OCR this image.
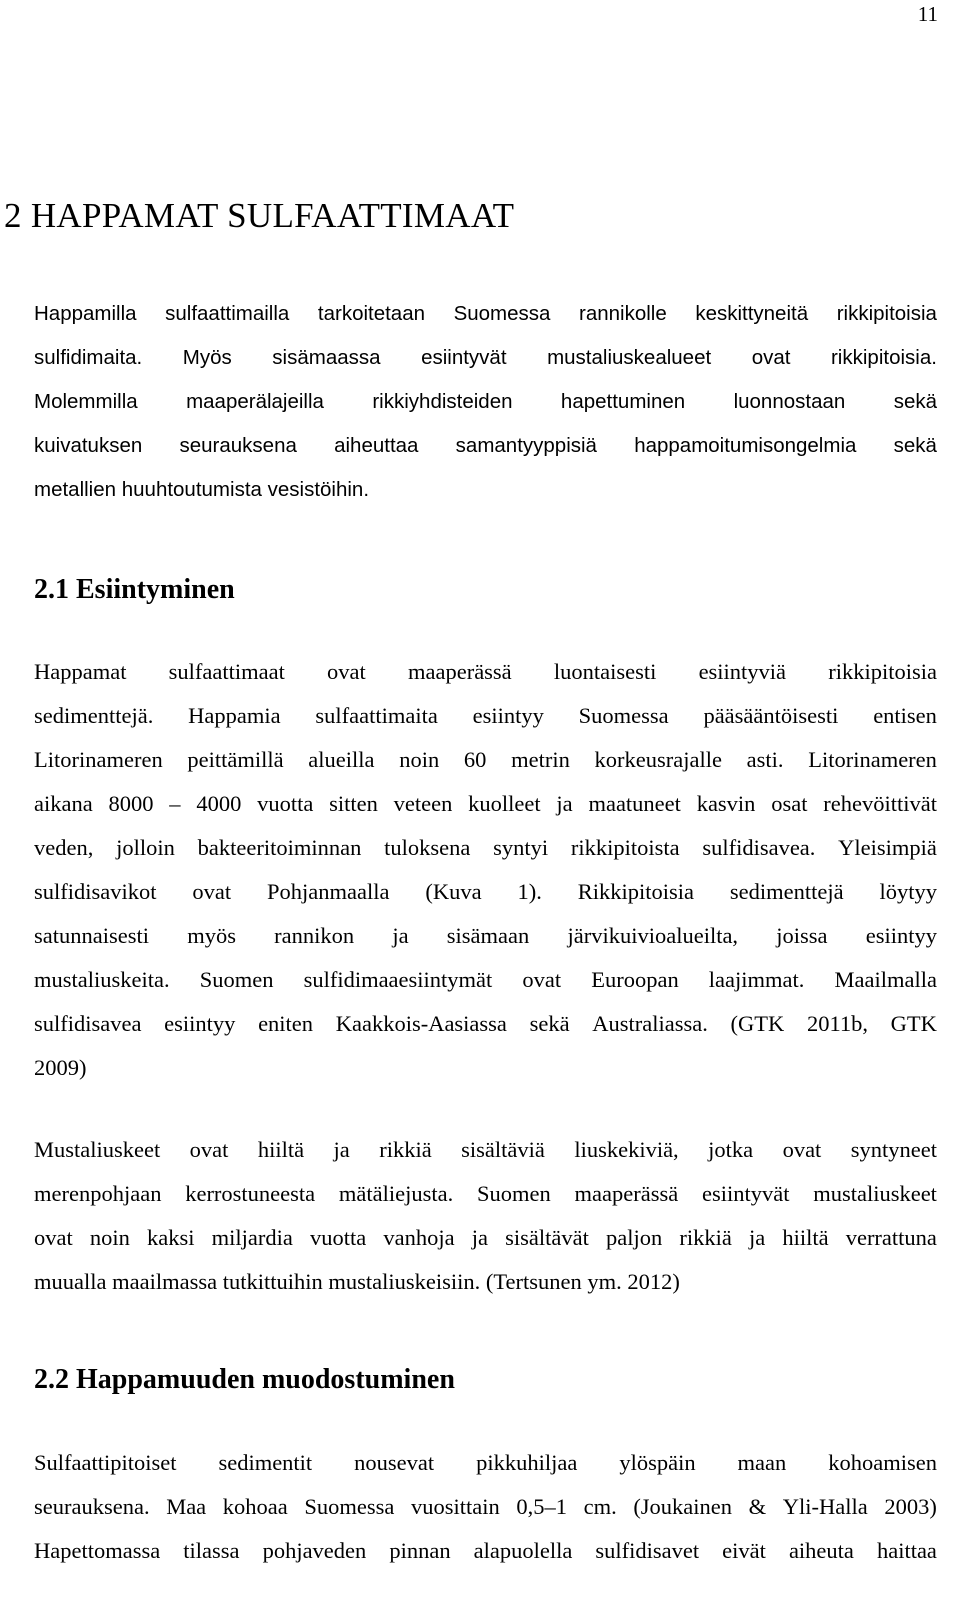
11
2 HAPPAMAT SULFAATTIMAAT
Happamilla sulfaattimailla tarkoitetaan Suomessa rannikolle keskittyneitä rikkipitoisia
sulfidimaita. Myös sisämaassa esiintyvät mustaliuskealueet ovat rikkipitoisia.
Molemmilla maaperälajeilla rikkiyhdisteiden hapettuminen luonnostaan sekä
kuivatuksen seurauksena aiheuttaa samantyyppisiä happamoitumisongelmia sekä
metallien huuhtoutumista vesistöihin.
2.1 Esiintyminen
Happamat sulfaattimaat ovat maaperässä luontaisesti esiintyviä rikkipitoisia
sedimenttejä. Happamia sulfaattimaita esiintyy Suomessa pääsääntöisesti entisen
Litorinameren peittämillä alueilla noin 60 metrin korkeusrajalle asti. Litorinameren
aikana 8000 – 4000 vuotta sitten veteen kuolleet ja maatuneet kasvin osat rehevöittivät
veden, jolloin bakteeritoiminnan tuloksena syntyi rikkipitoista sulfidisavea. Yleisimpiä
sulfidisavikot ovat Pohjanmaalla (Kuva 1). Rikkipitoisia sedimenttejä löytyy
satunnaisesti myös rannikon ja sisämaan järvikuivioalueilta, joissa esiintyy
mustaliuskeita. Suomen sulfidimaaesiintymät ovat Euroopan laajimmat. Maailmalla
sulfidisavea esiintyy eniten Kaakkois-Aasiassa sekä Australiassa. (GTK 2011b, GTK
2009)
Mustaliuskeet ovat hiiltä ja rikkiä sisältäviä liuskekiviä, jotka ovat syntyneet
merenpohjaan kerrostuneesta mätäliejusta. Suomen maaperässä esiintyvät mustaliuskeet
ovat noin kaksi miljardia vuotta vanhoja ja sisältävät paljon rikkiä ja hiiltä verrattuna
muualla maailmassa tutkittuihin mustaliuskeisiin. (Tertsunen ym. 2012)
2.2 Happamuuden muodostuminen
Sulfaattipitoiset sedimentit nousevat pikkuhiljaa ylöspäin maan kohoamisen
seurauksena. Maa kohoaa Suomessa vuosittain 0,5–1 cm. (Joukainen & Yli-Halla 2003)
Hapettomassa tilassa pohjaveden pinnan alapuolella sulfidisavet eivät aiheuta haittaa
